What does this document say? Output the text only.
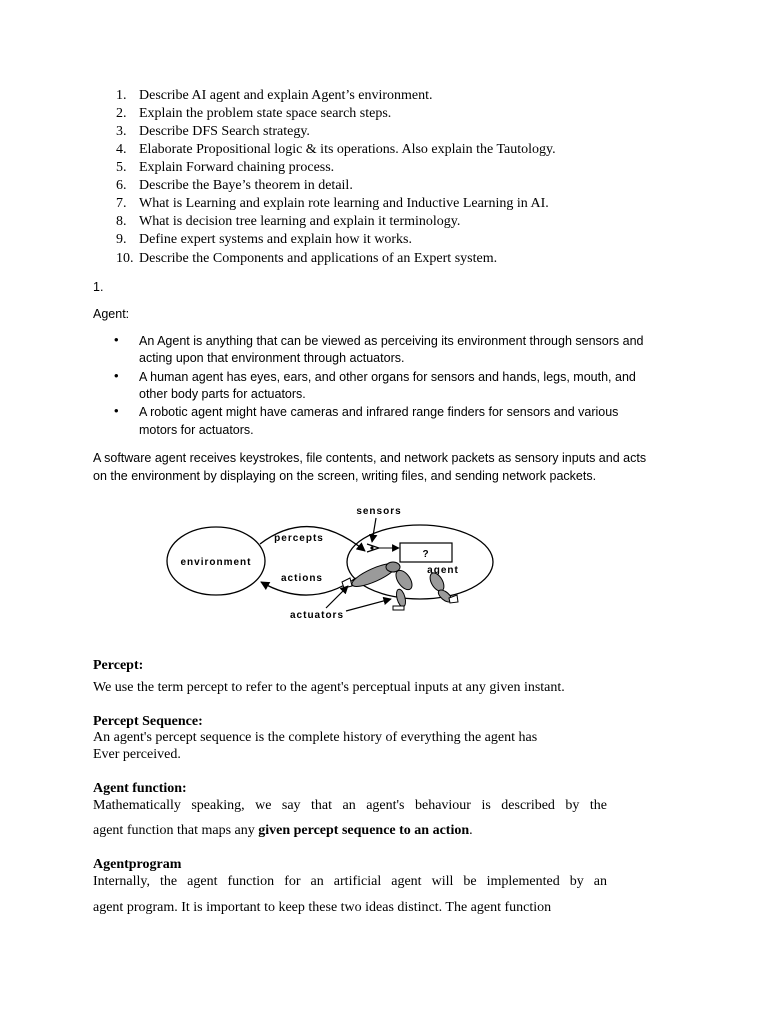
1. Describe AI agent and explain Agent’s environment.
2. Explain the problem state space search steps.
3. Describe DFS Search strategy.
4. Elaborate Propositional logic & its operations. Also explain the Tautology.
5. Explain Forward chaining process.
6. Describe the Baye’s theorem in detail.
7. What is Learning and explain rote learning and Inductive Learning in AI.
8. What is decision tree learning and explain it terminology.
9. Define expert systems and explain how it works.
10. Describe the Components and applications of an Expert system.
1.
Agent:
•
An Agent is anything that can be viewed as perceiving its environment through sensors and
acting upon that environment through actuators.
•
A human agent has eyes, ears, and other organs for sensors and hands, legs, mouth, and
other body parts for actuators.
•
A robotic agent might have cameras and infrared range finders for sensors and various
motors for actuators.
A software agent receives keystrokes, file contents, and network packets as sensory inputs and acts
on the environment by displaying on the screen, writing files, and sending network packets.
environment
percepts
actions
sensors
?
agent
actuators
Percept:
We use the term percept to refer to the agent's perceptual inputs at any given instant.
Percept Sequence:
An agent's percept sequence is the complete history of everything the agent has
Ever perceived.
Agent function:
Mathematically speaking, we say that an agent's behaviour is described by the
agent function that maps any given percept sequence to an action.
Agentprogram
Internally, the agent function for an artificial agent will be implemented by an
agent program. It is important to keep these two ideas distinct. The agent function
